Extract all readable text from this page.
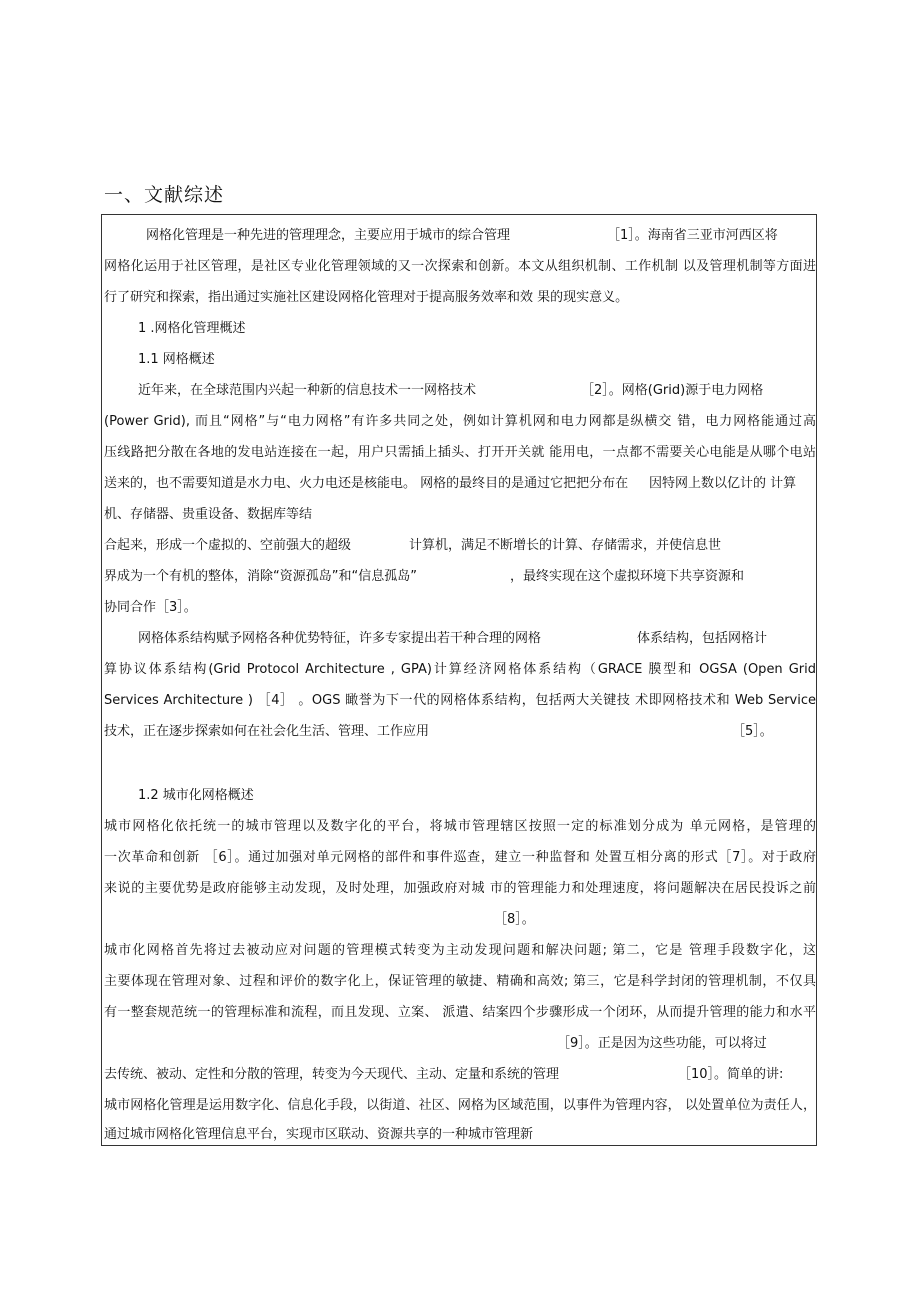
一、文献综述
网格化管理是一种先进的管理理念，主要应用于城市的综合管理	［1］。海南省三亚市河西区将
网格化运用于社区管理，是社区专业化管理领域的又一次探索和创新。本文从组织机制、工作机制 以及管理机制等方面进
行了研究和探索，指出通过实施社区建设网格化管理对于提高服务效率和效 果的现实意义。
1 .网格化管理概述
1.1 网格概述
近年来，在全球范围内兴起一种新的信息技术一一网格技术	［2］。网格(Grid)源于电力网格
(Power Grid), 而且“网格”与“电力网格”有许多共同之处，例如计算机网和电力网都是纵横交 错，电力网格能通过高
压线路把分散在各地的发电站连接在一起，用户只需插上插头、打开开关就 能用电，一点都不需要关心电能是从哪个电站
送来的，也不需要知道是水力电、火力电还是核能电。 网格的最终目的是通过它把把分布在 因特网上数以亿计的 计算
机、存储器、贵重设备、数据库等结
合起来，形成一个虚拟的、空前强大的超级	计算机，满足不断增长的计算、存储需求，并使信息世
界成为一个有机的整体，消除“资源孤岛”和“信息孤岛”	，最终实现在这个虚拟环境下共享资源和
协同合作［3］。
网格体系结构赋予网格各种优势特征，许多专家提出若干种合理的网格	体系结构，包括网格计
算协议体系结构(Grid Protocol Architecture , GPA)计算经济网格体系结构（GRACE 膜型和 OGSA (Open Grid
Services Architecture ) ［4］ 。OGS 瞰誉为下一代的网格体系结构，包括两大关键技 术即网格技术和 Web Service
技术，正在逐步探索如何在社会化生活、管理、工作应用	［5］。
1.2 城市化网格概述
城市网格化依托统一的城市管理以及数字化的平台，将城市管理辖区按照一定的标准划分成为 单元网格，是管理的
一次革命和创新 ［6］。通过加强对单元网格的部件和事件巡查，建立一种监督和 处置互相分离的形式［7］。对于政府
来说的主要优势是政府能够主动发现，及时处理，加强政府对城 市的管理能力和处理速度，将问题解决在居民投诉之前
［8］。
城市化网格首先将过去被动应对问题的管理模式转变为主动发现问题和解决问题; 第二，它是 管理手段数字化，这
主要体现在管理对象、过程和评价的数字化上，保证管理的敏捷、精确和高效; 第三，它是科学封闭的管理机制，不仅具
有一整套规范统一的管理标准和流程，而且发现、立案、 派遣、结案四个步骤形成一个闭环，从而提升管理的能力和水平
［9］。正是因为这些功能，可以将过
去传统、被动、定性和分散的管理，转变为今天现代、主动、定量和系统的管理	［10］。简单的讲:
城市网格化管理是运用数字化、信息化手段，以街道、社区、网格为区域范围，以事件为管理内容， 以处置单位为责任人，
通过城市网格化管理信息平台，实现市区联动、资源共享的一种城市管理新
